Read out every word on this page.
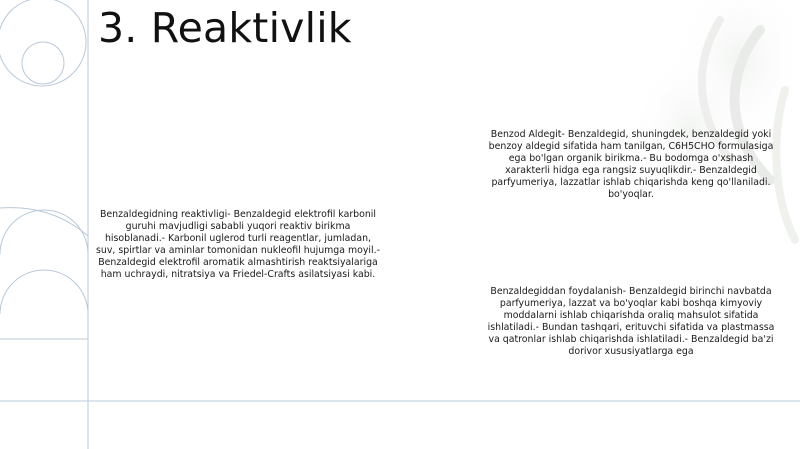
3. Reaktivlik
Benzaldegidning reaktivligi- Benzaldegid elektrofil karbonil guruhi mavjudligi sababli yuqori reaktiv birikma hisoblanadi.- Karbonil uglerod turli reagentlar, jumladan, suv, spirtlar va aminlar tomonidan nukleofil hujumga moyil.- Benzaldegid elektrofil aromatik almashtirish reaktsiyalariga ham uchraydi, nitratsiya va Friedel-Crafts asilatsiyasi kabi.
Benzod Aldegit- Benzaldegid, shuningdek, benzaldegid yoki benzoy aldegid sifatida ham tanilgan, C6H5CHO formulasiga ega bo'lgan organik birikma.- Bu bodomga o'xshash xarakterli hidga ega rangsiz suyuqlikdir.- Benzaldegid parfyumeriya, lazzatlar ishlab chiqarishda keng qo'llaniladi. bo'yoqlar.
Benzaldegiddan foydalanish- Benzaldegid birinchi navbatda parfyumeriya, lazzat va bo'yoqlar kabi boshqa kimyoviy moddalarni ishlab chiqarishda oraliq mahsulot sifatida ishlatiladi.- Bundan tashqari, erituvchi sifatida va plastmassa va qatronlar ishlab chiqarishda ishlatiladi.- Benzaldegid ba'zi dorivor xususiyatlarga ega
